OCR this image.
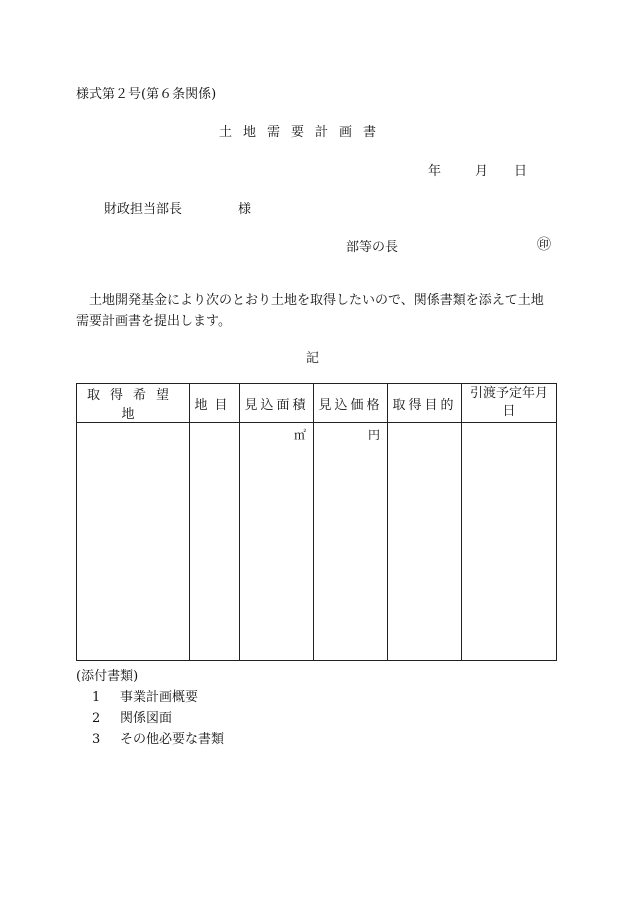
様式第２号(第６条関係)
土地需要計画書
年	月 日
財政担当部長	様
部等の長	㊞
土地開発基金により次のとおり土地を取得したいので、関係書類を添えて土地需要計画書を提出します。
記
取得希望地	地目	見込面積	見込価格	取得目的	引渡予定年月日

		㎡	円		

(添付書類)
1 事業計画概要
2 関係図面
3 その他必要な書類
